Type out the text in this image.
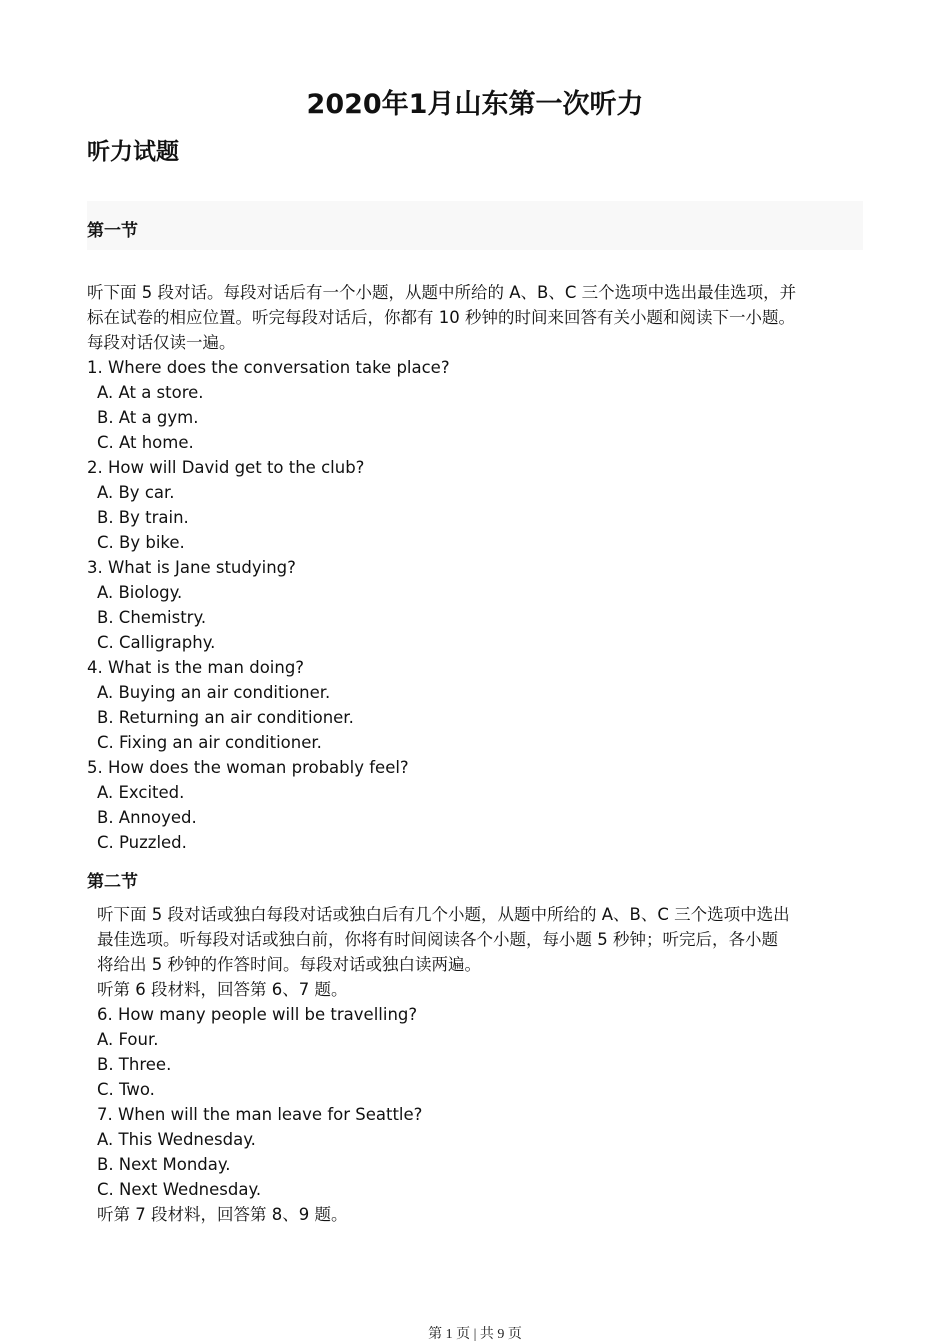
2020年1月山东第一次听力
听力试题
第一节
听下面 5 段对话。每段对话后有一个小题，从题中所给的 A、B、C 三个选项中选出最佳选项，并
标在试卷的相应位置。听完每段对话后，你都有 10 秒钟的时间来回答有关小题和阅读下一小题。
每段对话仅读一遍。
1. Where does the conversation take place?
A. At a store.
B. At a gym.
C. At home.
2. How will David get to the club?
A. By car.
B. By train.
C. By bike.
3. What is Jane studying?
A. Biology.
B. Chemistry.
C. Calligraphy.
4. What is the man doing?
A. Buying an air conditioner.
B. Returning an air conditioner.
C. Fixing an air conditioner.
5. How does the woman probably feel?
A. Excited.
B. Annoyed.
C. Puzzled.
第二节
听下面 5 段对话或独白每段对话或独白后有几个小题，从题中所给的 A、B、C 三个选项中选出
最佳选项。听每段对话或独白前，你将有时间阅读各个小题，每小题 5 秒钟；听完后，各小题
将给出 5 秒钟的作答时间。每段对话或独白读两遍。
听第 6 段材料，回答第 6、7 题。
6. How many people will be travelling?
A. Four.
B. Three.
C. Two.
7. When will the man leave for Seattle?
A. This Wednesday.
B. Next Monday.
C. Next Wednesday.
听第 7 段材料，回答第 8、9 题。
第 1 页 | 共 9 页
